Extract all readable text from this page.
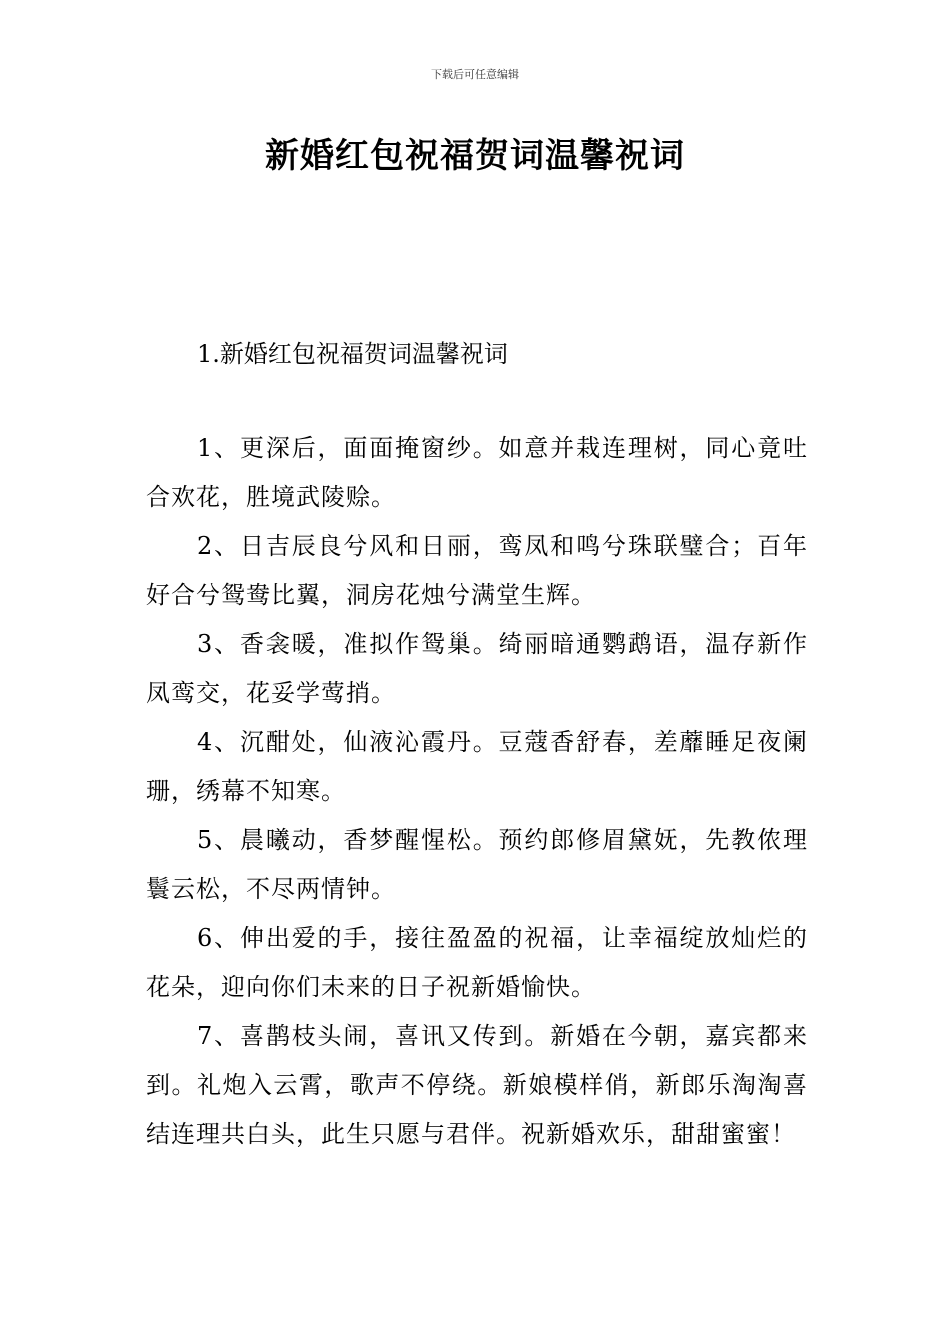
下载后可任意编辑
新婚红包祝福贺词温馨祝词
1.新婚红包祝福贺词温馨祝词

1、更深后，面面掩窗纱。如意并栽连理树，同心竟吐合欢花，胜境武陵赊。

2、日吉辰良兮风和日丽，鸾凤和鸣兮珠联璧合；百年好合兮鸳鸯比翼，洞房花烛兮满堂生辉。

3、香衾暖，准拟作鸳巢。绮丽暗通鹦鹉语，温存新作凤鸾交，花妥学莺捎。

4、沉酣处，仙液沁霞丹。豆蔻香舒春，差蘼睡足夜阑珊，绣幕不知寒。

5、晨曦动，香梦醒惺松。预约郎修眉黛妩，先教侬理鬟云松，不尽两情钟。

6、伸出爱的手，接往盈盈的祝福，让幸福绽放灿烂的花朵，迎向你们未来的日子祝新婚愉快。

7、喜鹊枝头闹，喜讯又传到。新婚在今朝，嘉宾都来到。礼炮入云霄，歌声不停绕。新娘模样俏，新郎乐淘淘喜结连理共白头，此生只愿与君伴。祝新婚欢乐，甜甜蜜蜜！
